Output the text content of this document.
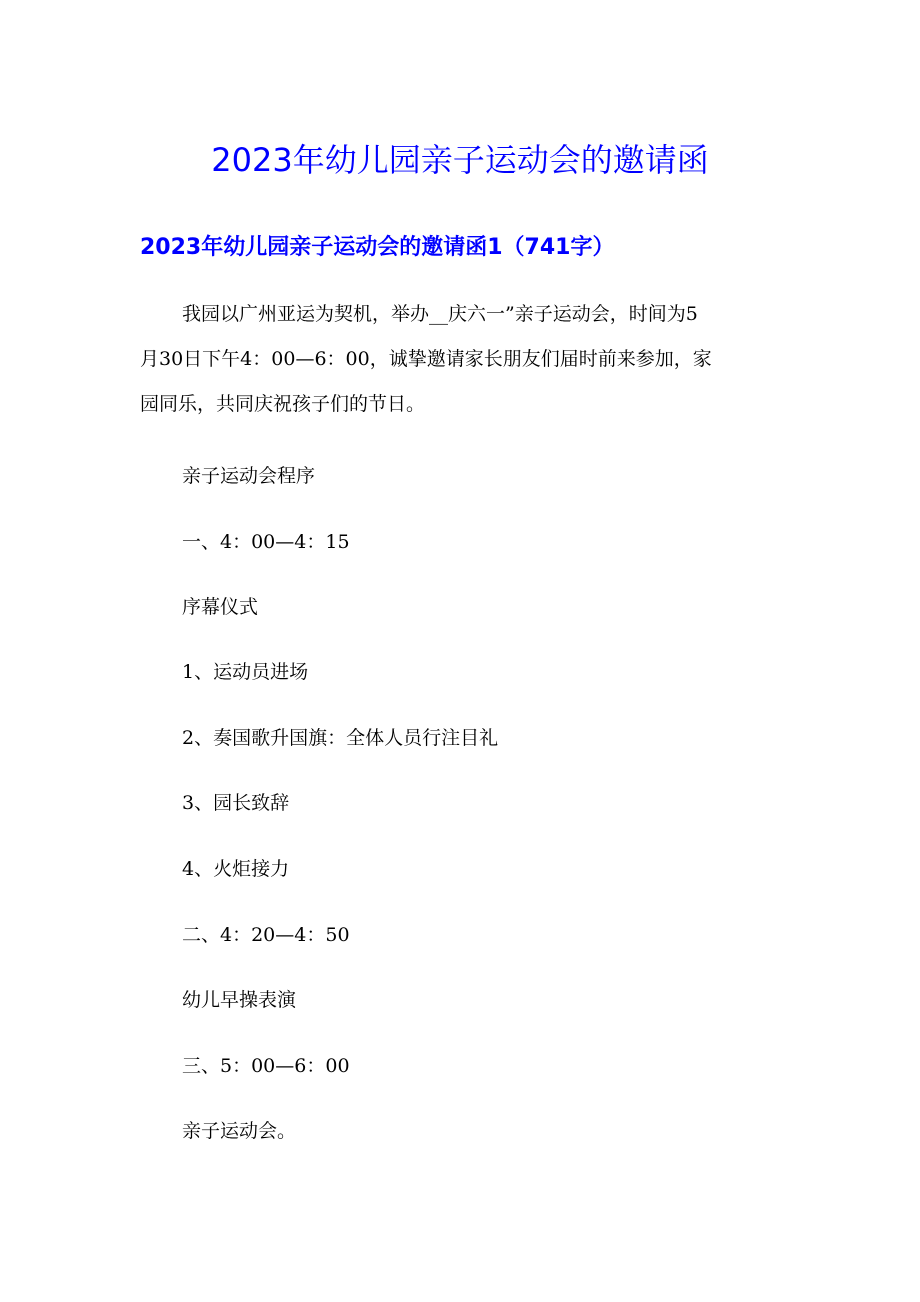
2023年幼儿园亲子运动会的邀请函
2023年幼儿园亲子运动会的邀请函1（741字）
我园以广州亚运为契机，举办__庆六一”亲子运动会，时间为5
月30日下午4：00—6：00，诚挚邀请家长朋友们届时前来参加，家
园同乐，共同庆祝孩子们的节日。
亲子运动会程序
一、4：00—4：15
序幕仪式
1、运动员进场
2、奏国歌升国旗：全体人员行注目礼
3、园长致辞
4、火炬接力
二、4：20—4：50
幼儿早操表演
三、5：00—6：00
亲子运动会。
